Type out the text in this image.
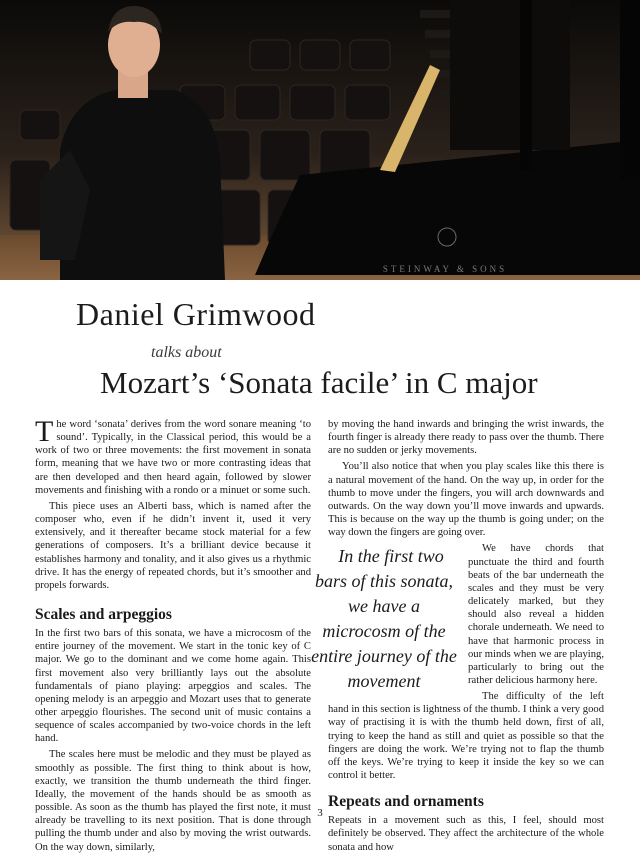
STEINWAY & SONS
Daniel Grimwood
talks about
Mozart’s ‘Sonata facile’ in C major

The word ‘sonata’ derives from the word sonare meaning ‘to sound’. Typically, in the Classical period, this would be a work of two or three movements: the first movement in sonata form, meaning that we have two or more contrasting ideas that are then developed and then heard again, followed by slower movements and finishing with a rondo or a minuet or some such.

This piece uses an Alberti bass, which is named after the composer who, even if he didn’t invent it, used it very extensively, and it thereafter became stock material for a few generations of composers. It’s a brilliant device because it establishes harmony and tonality, and it also gives us a rhythmic drive. It has the energy of repeated chords, but it’s smoother and propels forwards.

Scales and arpeggios

In the first two bars of this sonata, we have a microcosm of the entire journey of the movement. We start in the tonic key of C major. We go to the dominant and we come home again. This first movement also very brilliantly lays out the absolute fundamentals of piano playing: arpeggios and scales. The opening melody is an arpeggio and Mozart uses that to generate other arpeggio flourishes. The second unit of music contains a sequence of scales accompanied by two-voice chords in the left hand.

The scales here must be melodic and they must be played as smoothly as possible. The first thing to think about is how, exactly, we transition the thumb underneath the third finger. Ideally, the movement of the hands should be as smooth as possible. As soon as the thumb has played the first note, it must already be travelling to its next position. That is done through pulling the thumb under and also by moving the wrist outwards. On the way down, similarly,

by moving the hand inwards and bringing the wrist inwards, the fourth finger is already there ready to pass over the thumb. There are no sudden or jerky movements.

You’ll also notice that when you play scales like this there is a natural movement of the hand. On the way up, in order for the thumb to move under the fingers, you will arch downwards and outwards. On the way down you’ll move inwards and upwards. This is because on the way up the thumb is going under; on the way down the fingers are going over.

In the first two bars of this sonata, we have a microcosm of the entire journey of the movement
We have chords that punctuate the third and fourth beats of the bar underneath the scales and they must be very delicately marked, but they should also reveal a hidden chorale underneath. We need to have that harmonic process in our minds when we are playing, particularly to bring out the rather delicious harmony here.

The difficulty of the left hand in this section is lightness of the thumb. I think a very good way of practising it is with the thumb held down, first of all, trying to keep the hand as still and quiet as possible so that the fingers are doing the work. We’re trying not to flap the thumb off the keys. We’re trying to keep it inside the key so we can control it better.

Repeats and ornaments

Repeats in a movement such as this, I feel, should most definitely be observed. They affect the architecture of the whole sonata and how

3
